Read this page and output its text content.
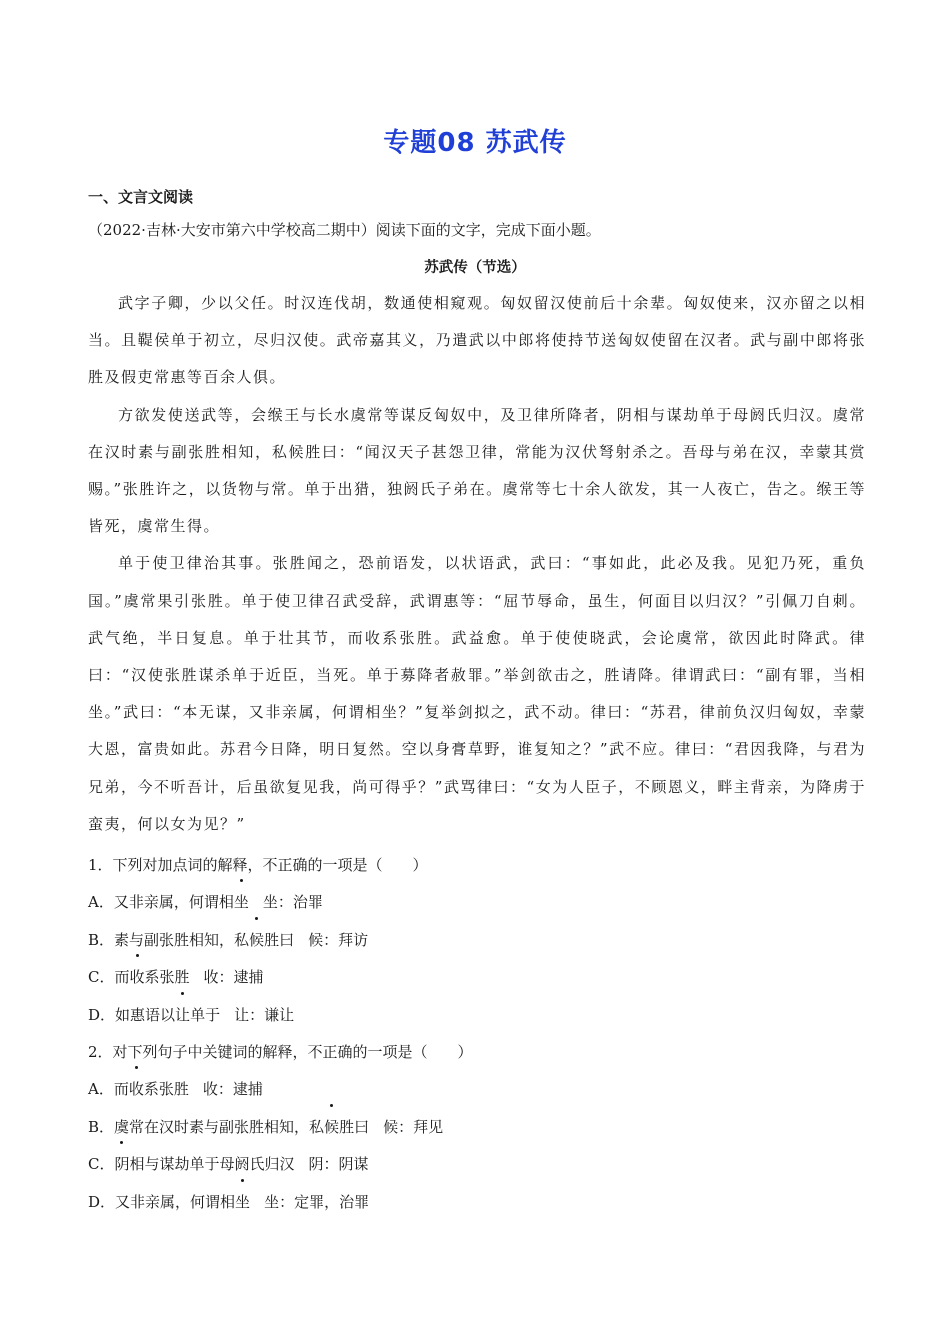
专题08 苏武传
一、文言文阅读
（2022·吉林·大安市第六中学校高二期中）阅读下面的文字，完成下面小题。
苏武传（节选）

武字子卿，少以父任。时汉连伐胡，数通使相窥观。匈奴留汉使前后十余辈。匈奴使来，汉亦留之以相当。且鞮侯单于初立，尽归汉使。武帝嘉其义，乃遣武以中郎将使持节送匈奴使留在汉者。武与副中郎将张胜及假吏常惠等百余人俱。

方欲发使送武等，会缑王与长水虞常等谋反匈奴中，及卫律所降者，阴相与谋劫单于母阏氏归汉。虞常在汉时素与副张胜相知，私候胜曰：“闻汉天子甚怨卫律，常能为汉伏弩射杀之。吾母与弟在汉，幸蒙其赏赐。”张胜许之，以货物与常。单于出猎，独阏氏子弟在。虞常等七十余人欲发，其一人夜亡，告之。缑王等皆死，虞常生得。

单于使卫律治其事。张胜闻之，恐前语发，以状语武，武曰：“事如此，此必及我。见犯乃死，重负国。”虞常果引张胜。单于使卫律召武受辞，武谓惠等：“屈节辱命，虽生，何面目以归汉？”引佩刀自刺。武气绝，半日复息。单于壮其节，而收系张胜。武益愈。单于使使晓武，会论虞常，欲因此时降武。律曰：“汉使张胜谋杀单于近臣，当死。单于募降者赦罪。”举剑欲击之，胜请降。律谓武曰：“副有罪，当相坐。”武曰：“本无谋，又非亲属，何谓相坐？”复举剑拟之，武不动。律曰：“苏君，律前负汉归匈奴，幸蒙大恩，富贵如此。苏君今日降，明日复然。空以身膏草野，谁复知之？”武不应。律曰：“君因我降，与君为兄弟，今不听吾计，后虽欲复见我，尚可得乎？”武骂律曰：“女为人臣子，不顾恩义，畔主背亲，为降虏于蛮夷，何以女为见？”

1．下列对加点词的解释，不正确的一项是（　　）
A． 又非亲属，何谓相 坐 坐：治罪
B． 素与副张胜相知，私 候 胜曰 候：拜访
C． 而 收 系张胜 收：逮捕
D． 如惠语以 让 单于 让：谦让
2．对下列句子中关键词的解释，不正确的一项是（　　）
A． 而 收 系张胜 收：逮捕
B． 虞常在汉时素与副张胜相知，私 候 胜曰 候：拜见
C． 阴 相与谋劫单于母阏氏归汉 阴：阴谋
D． 又非亲属，何谓相 坐 坐：定罪，治罪
